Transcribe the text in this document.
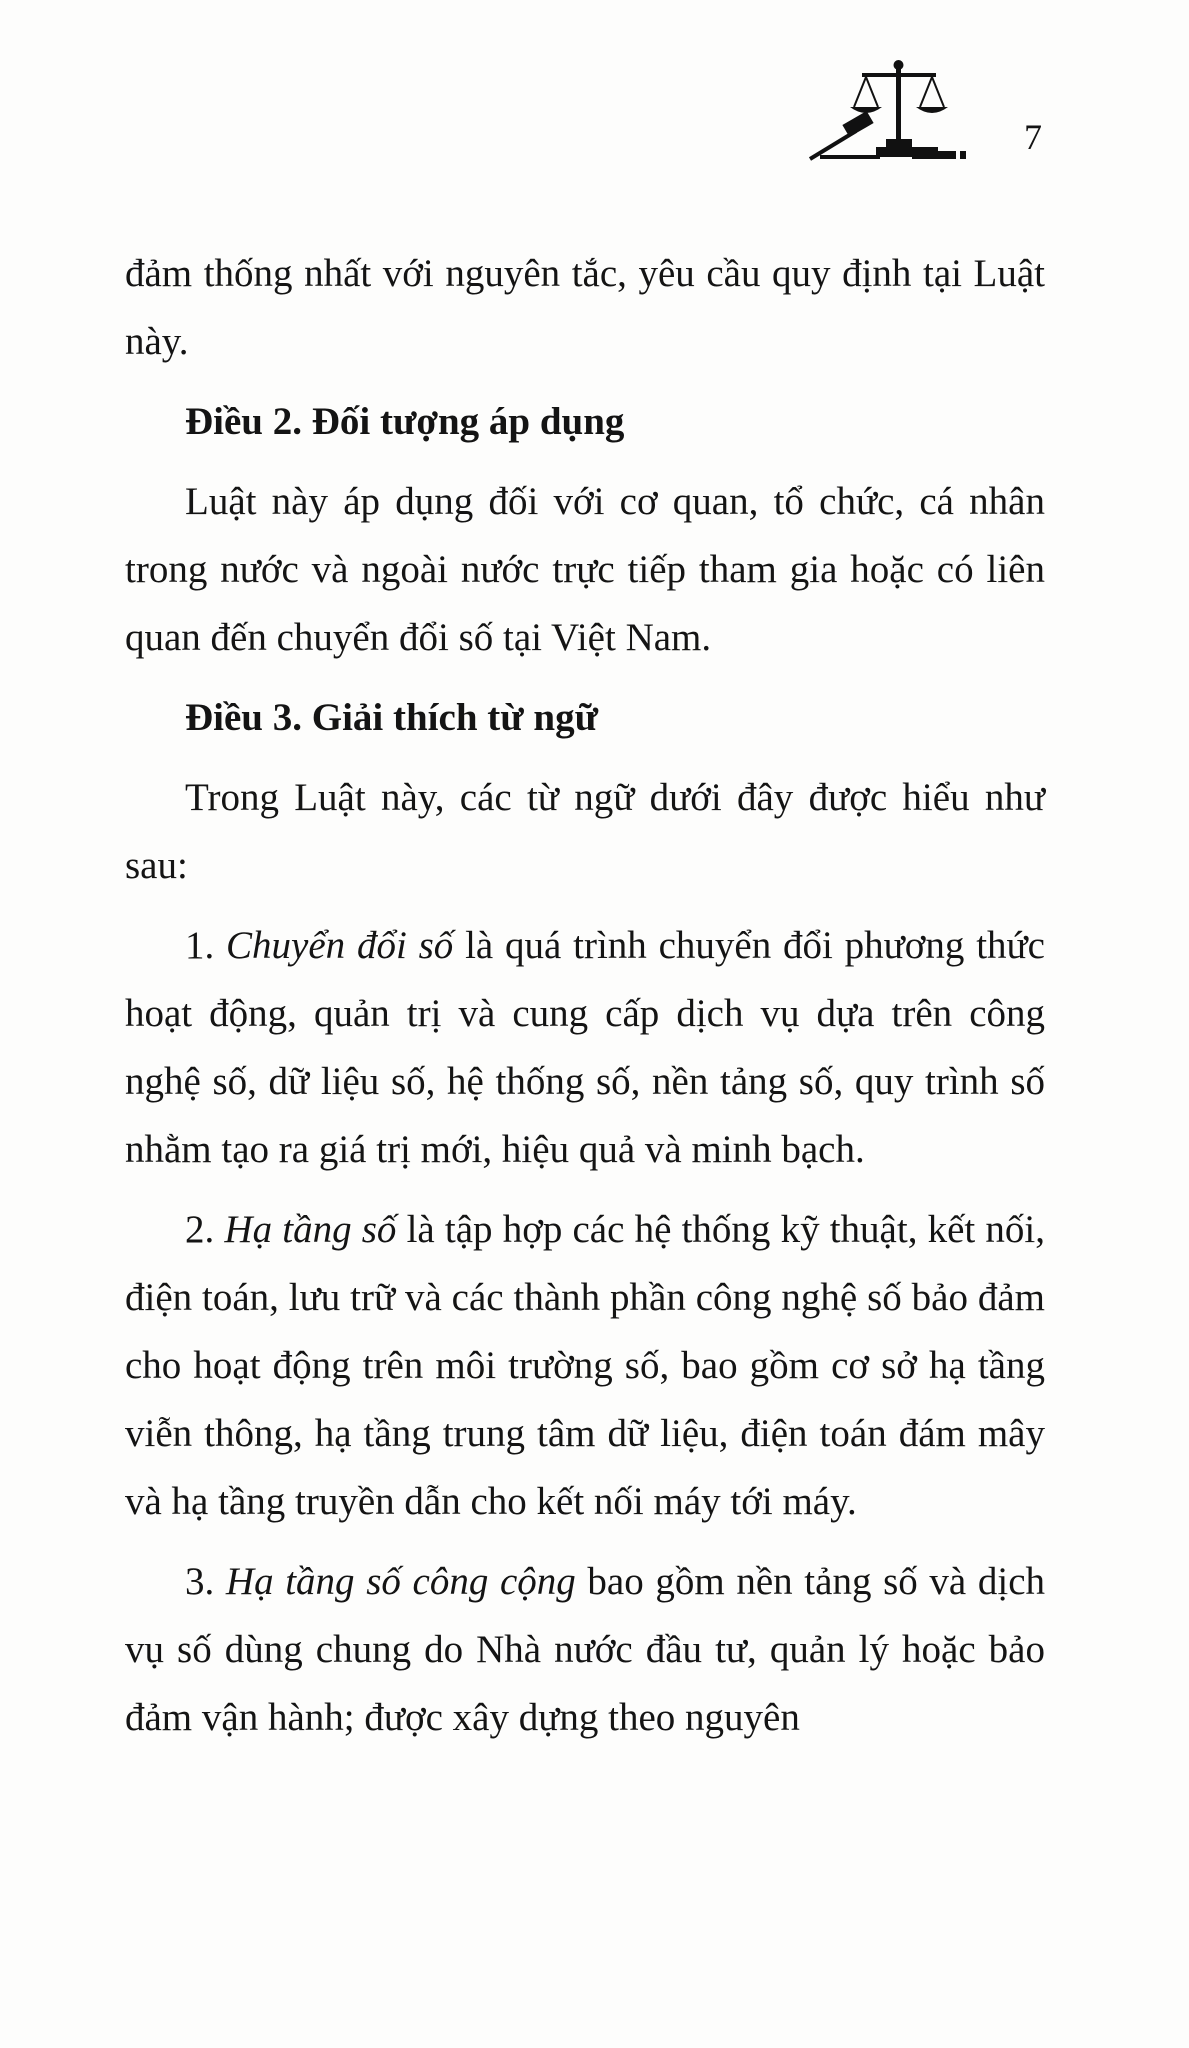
7

đảm thống nhất với nguyên tắc, yêu cầu quy định tại Luật này.

Điều 2. Đối tượng áp dụng

Luật này áp dụng đối với cơ quan, tổ chức, cá nhân trong nước và ngoài nước trực tiếp tham gia hoặc có liên quan đến chuyển đổi số tại Việt Nam.

Điều 3. Giải thích từ ngữ

Trong Luật này, các từ ngữ dưới đây được hiểu như sau:

1. Chuyển đổi số là quá trình chuyển đổi phương thức hoạt động, quản trị và cung cấp dịch vụ dựa trên công nghệ số, dữ liệu số, hệ thống số, nền tảng số, quy trình số nhằm tạo ra giá trị mới, hiệu quả và minh bạch.

2. Hạ tầng số là tập hợp các hệ thống kỹ thuật, kết nối, điện toán, lưu trữ và các thành phần công nghệ số bảo đảm cho hoạt động trên môi trường số, bao gồm cơ sở hạ tầng viễn thông, hạ tầng trung tâm dữ liệu, điện toán đám mây và hạ tầng truyền dẫn cho kết nối máy tới máy.

3. Hạ tầng số công cộng bao gồm nền tảng số và dịch vụ số dùng chung do Nhà nước đầu tư, quản lý hoặc bảo đảm vận hành; được xây dựng theo nguyên
